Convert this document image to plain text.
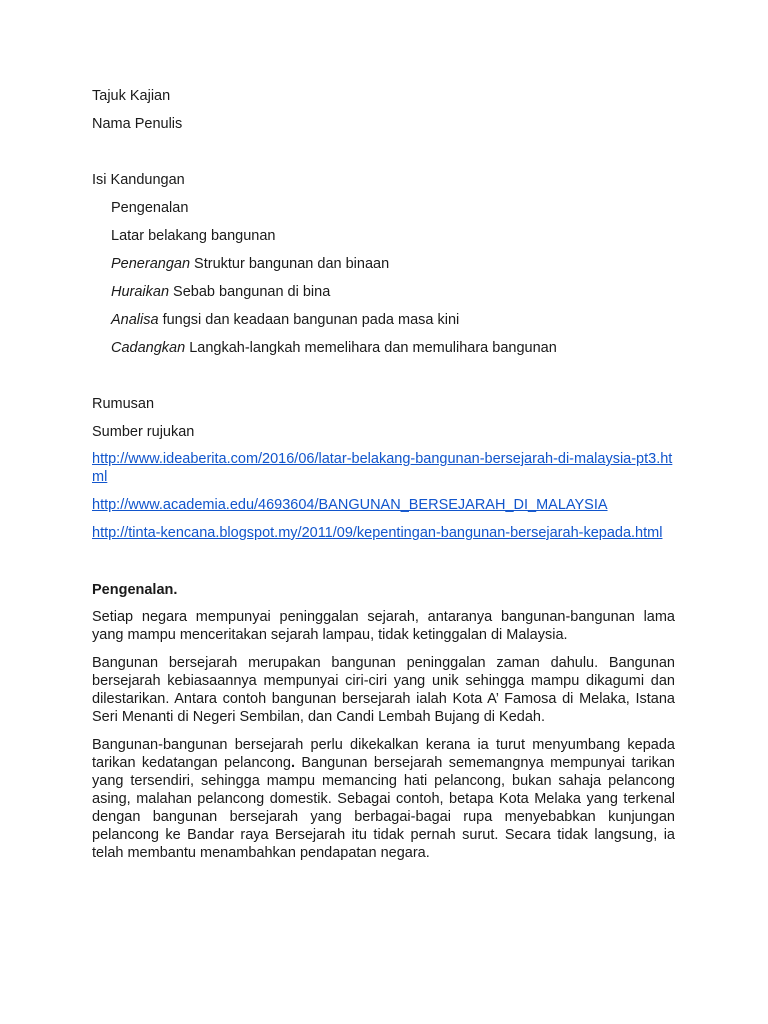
Tajuk Kajian
Nama Penulis
Isi Kandungan
Pengenalan
Latar belakang bangunan
Penerangan Struktur bangunan dan binaan
Huraikan Sebab bangunan di bina
Analisa fungsi dan keadaan bangunan pada masa kini
Cadangkan Langkah-langkah memelihara dan memulihara bangunan
Rumusan
Sumber rujukan
http://www.ideaberita.com/2016/06/latar-belakang-bangunan-bersejarah-di-malaysia-pt3.html
http://www.academia.edu/4693604/BANGUNAN_BERSEJARAH_DI_MALAYSIA
http://tinta-kencana.blogspot.my/2011/09/kepentingan-bangunan-bersejarah-kepada.html
Pengenalan.

Setiap negara mempunyai peninggalan sejarah, antaranya bangunan-bangunan lama yang mampu menceritakan sejarah lampau, tidak ketinggalan di Malaysia.

Bangunan bersejarah merupakan bangunan peninggalan zaman dahulu. Bangunan bersejarah kebiasaannya mempunyai ciri-ciri yang unik sehingga mampu dikagumi dan dilestarikan. Antara contoh bangunan bersejarah ialah Kota A’ Famosa di Melaka, Istana Seri Menanti di Negeri Sembilan, dan Candi Lembah Bujang di Kedah.

Bangunan-bangunan bersejarah perlu dikekalkan kerana ia turut menyumbang kepada tarikan kedatangan pelancong. Bangunan bersejarah sememangnya mempunyai tarikan yang tersendiri, sehingga mampu memancing hati pelancong, bukan sahaja pelancong asing, malahan pelancong domestik. Sebagai contoh, betapa Kota Melaka yang terkenal dengan bangunan bersejarah yang berbagai-bagai rupa menyebabkan kunjungan pelancong ke Bandar raya Bersejarah itu tidak pernah surut. Secara tidak langsung, ia telah membantu menambahkan pendapatan negara.
